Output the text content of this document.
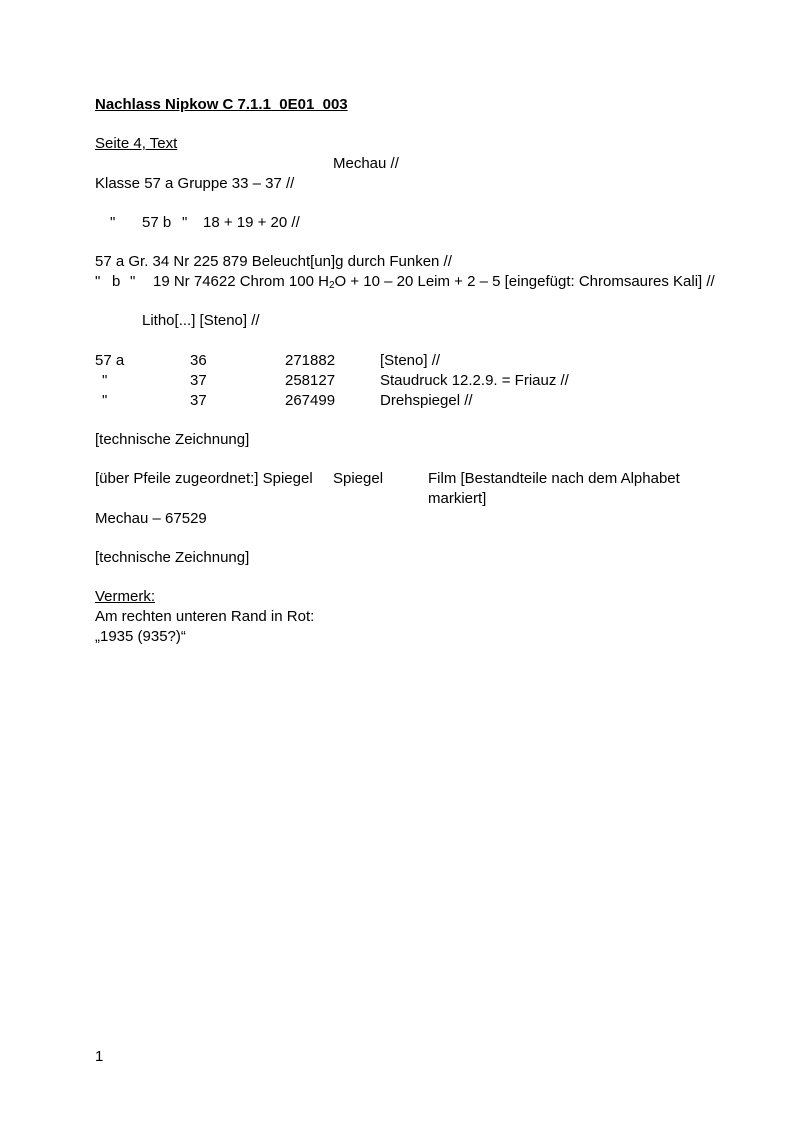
Nachlass Nipkow C 7.1.1_0E01_003
Seite 4, Text
Mechau //
Klasse 57 a Gruppe 33 – 37 //
" 57 b " 18 + 19 + 20 //
57 a Gr. 34 Nr 225 879 Beleucht[un]g durch Funken //
" b " 19 Nr 74622 Chrom 100 $H_2O + 10 - 20$ Leim + 2 – 5 [eingefügt: Chromsaures Kali] //
Litho[...] [Steno] //
57 a	36	271882	[Steno] //
"	37	258127	Staudruck 12.2.9. = Friauz //
"	37	267499	Drehspiegel //
[technische Zeichnung]
[über Pfeile zugeordnet:] Spiegel Spiegel	Film [Bestandteile nach dem Alphabet
markiert]
Mechau – 67529
[technische Zeichnung]
Vermerk:
Am rechten unteren Rand in Rot:
„1935 (935?)“
1
